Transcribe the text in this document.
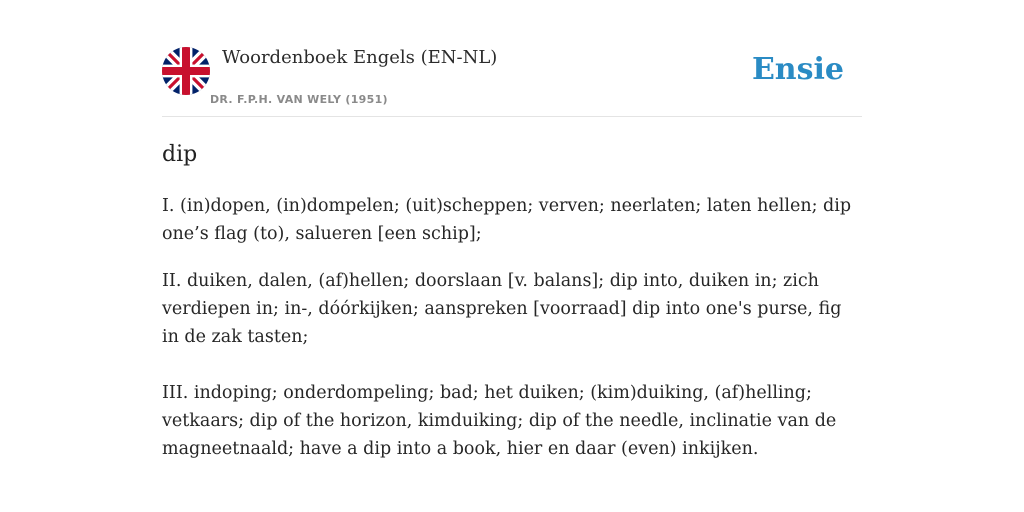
Woordenboek Engels (EN-NL)
DR. F.P.H. VAN WELY (1951)
Ensie
dip

I. (in)dopen, (in)dompelen; (uit)scheppen; verven; neerlaten; laten hellen; dip one’s flag (to), salueren [een schip];

II. duiken, dalen, (af)hellen; doorslaan [v. balans]; dip into, duiken in; zich verdiepen in; in-, dóórkijken; aanspreken [voorraad] dip into one's purse, fig in de zak tasten;

III. indoping; onderdompeling; bad; het duiken; (kim)duiking, (af)helling; vetkaars; dip of the horizon, kimduiking; dip of the needle, inclinatie van de magneetnaald; have a dip into a book, hier en daar (even) inkijken.
